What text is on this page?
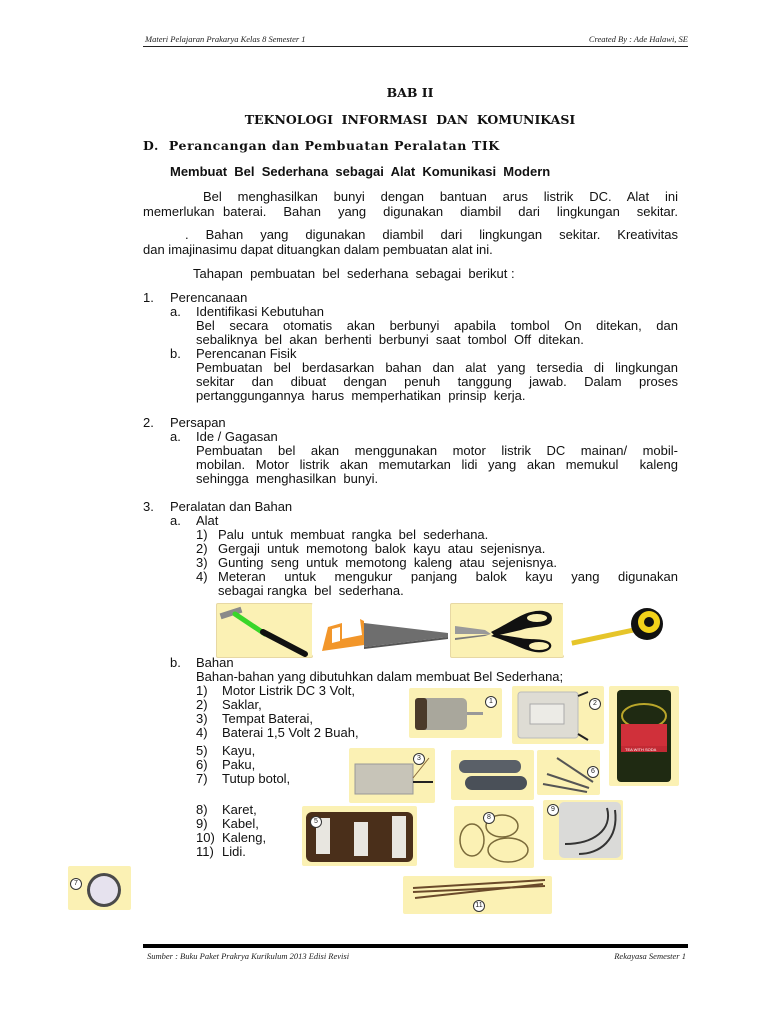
Materi Pelajaran Prakarya Kelas 8 Semester 1	Created By : Ade Halawi, SE
BAB II
TEKNOLOGI  INFORMASI  DAN  KOMUNIKASI
D.  Perancangan dan Pembuatan Peralatan TIK
Membuat  Bel  Sederhana  sebagai  Alat  Komunikasi  Modern
Bel  menghasilkan  bunyi  dengan  bantuan  arus  listrik  DC.  Alat  ini
memerlukan baterai.  Bahan  yang  digunakan  diambil  dari  lingkungan  sekitar.
.  Bahan  yang  digunakan  diambil  dari  lingkungan  sekitar.  Kreativitas
dan imajinasimu dapat dituangkan dalam pembuatan alat ini.
Tahapan  pembuatan  bel  sederhana  sebagai  berikut :
1. Perencanaan
a. Identifikasi Kebutuhan
Bel  secara  otomatis  akan  berbunyi  apabila  tombol  On  ditekan,  dan
sebaliknya  bel  akan  berhenti  berbunyi  saat  tombol  Off  ditekan.
b. Perencanan Fisik
Pembuatan bel berdasarkan bahan dan alat yang tersedia di lingkungan
sekitar  dan  dibuat  dengan  penuh  tanggung  jawab.  Dalam  proses
pertanggungannya  harus  memperhatikan  prinsip  kerja.
2. Persapan
a. Ide / Gagasan
Pembuatan  bel  akan  menggunakan  motor  listrik  DC  mainan/  mobil-
mobilan. Motor listrik akan memutarkan lidi yang akan memukul  kaleng
sehingga  menghasilkan  bunyi.
3. Peralatan dan Bahan
a. Alat
1) Palu  untuk  membuat  rangka  bel  sederhana.
2) Gergaji  untuk  memotong  balok  kayu  atau  sejenisnya.
3) Gunting  seng  untuk  memotong  kaleng  atau  sejenisnya.
4) Meteran  untuk  mengukur  panjang  balok  kayu  yang  digunakan
sebagai rangka  bel  sederhana.
b. Bahan
Bahan-bahan yang dibutuhkan dalam membuat Bel Sederhana;
1) Motor Listrik DC 3 Volt,
2) Saklar,
3) Tempat Baterai,
4) Baterai 1,5 Volt 2 Buah,
5) Kayu,
6) Paku,
7) Tutup botol,
8) Karet,
9) Kabel,
10) Kaleng,
11) Lidi.
1	2
TEA WITH SODA
3
6
5
8
9
7
11
Sumber : Buku Paket Prakrya Kurikulum 2013 Edisi Revisi	Rekayasa Semester 1
